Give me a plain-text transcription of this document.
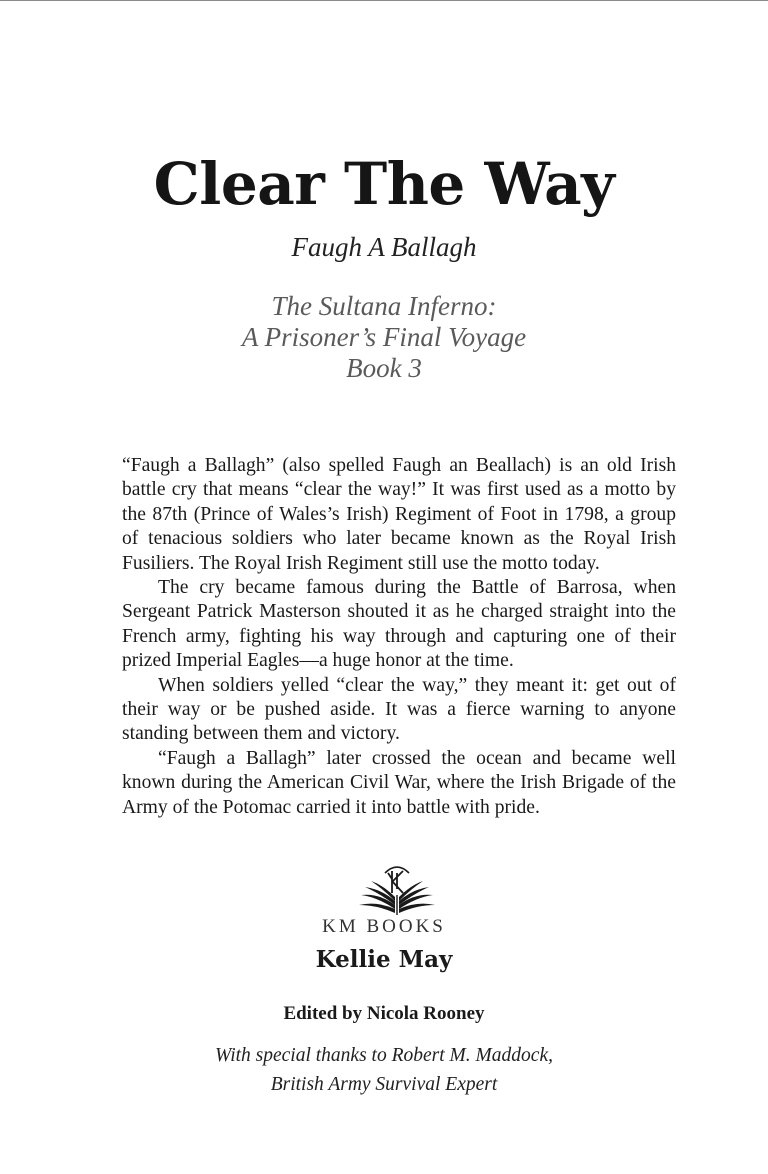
Clear The Way
Faugh A Ballagh
The Sultana Inferno:
A Prisoner’s Final Voyage
Book 3

“Faugh a Ballagh” (also spelled Faugh an Beallach) is an old Irish battle cry that means “clear the way!” It was first used as a motto by the 87th (Prince of Wales’s Irish) Regiment of Foot in 1798, a group of tenacious soldiers who later became known as the Royal Irish Fusiliers. The Royal Irish Regiment still use the motto today.

The cry became famous during the Battle of Barrosa, when Sergeant Patrick Masterson shouted it as he charged straight into the French army, fighting his way through and capturing one of their prized Imperial Eagles—a huge honor at the time.

When soldiers yelled “clear the way,” they meant it: get out of their way or be pushed aside. It was a fierce warning to anyone standing between them and victory.

“Faugh a Ballagh” later crossed the ocean and became well known during the American Civil War, where the Irish Brigade of the Army of the Potomac carried it into battle with pride.

KM BOOKS
Kellie May
Edited by Nicola Rooney
With special thanks to Robert M. Maddock,
British Army Survival Expert
